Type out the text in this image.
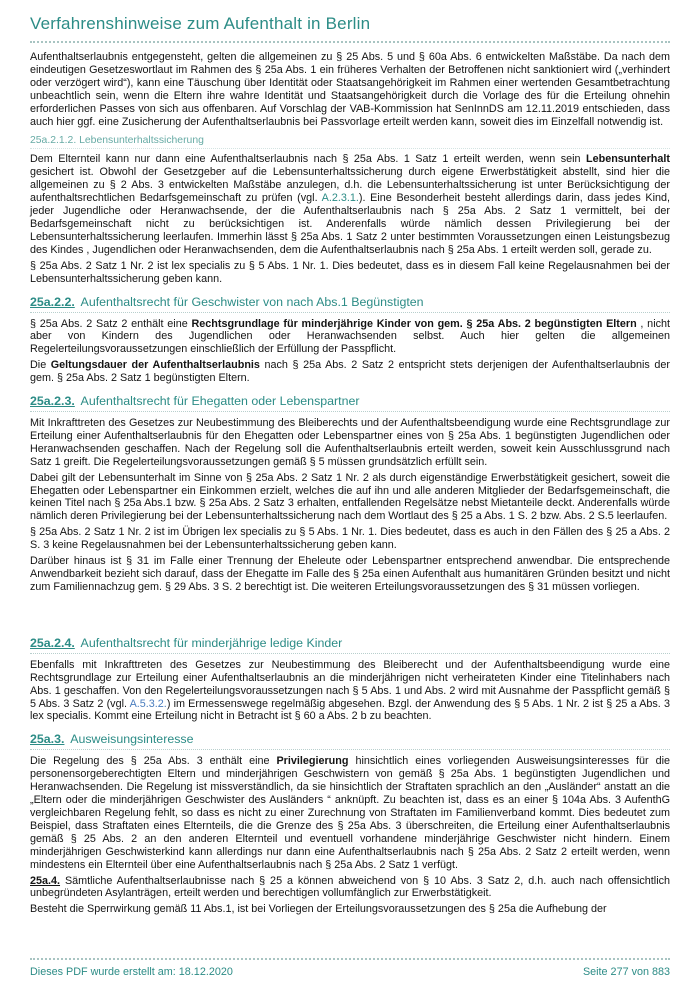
Verfahrenshinweise zum Aufenthalt in Berlin

Aufenthaltserlaubnis entgegensteht, gelten die allgemeinen zu § 25 Abs. 5 und § 60a Abs. 6 entwickelten Maßstäbe. Da nach dem eindeutigen Gesetzeswortlaut im Rahmen des § 25a Abs. 1 ein früheres Verhalten der Betroffenen nicht sanktioniert wird („verhindert oder verzögert wird“), kann eine Täuschung über Identität oder Staatsangehörigkeit im Rahmen einer wertenden Gesamtbetrachtung unbeachtlich sein, wenn die Eltern ihre wahre Identität und Staatsangehörigkeit durch die Vorlage des für die Erteilung ohnehin erforderlichen Passes von sich aus offenbaren. Auf Vorschlag der VAB-Kommission hat SenInnDS am 12.11.2019 entschieden, dass auch hier ggf. eine Zusicherung der Aufenthaltserlaubnis bei Passvorlage erteilt werden kann, soweit dies im Einzelfall notwendig ist.

25a.2.1.2. Lebensunterhaltssicherung

Dem Elternteil kann nur dann eine Aufenthaltserlaubnis nach § 25a Abs. 1 Satz 1 erteilt werden, wenn sein Lebensunterhalt gesichert ist. Obwohl der Gesetzgeber auf die Lebensunterhaltssicherung durch eigene Erwerbstätigkeit abstellt, sind hier die allgemeinen zu § 2 Abs. 3 entwickelten Maßstäbe anzulegen, d.h. die Lebensunterhaltssicherung ist unter Berücksichtigung der aufenthaltsrechtlichen Bedarfsgemeinschaft zu prüfen (vgl. A.2.3.1.). Eine Besonderheit besteht allerdings darin, dass jedes Kind, jeder Jugendliche oder Heranwachsende, der die Aufenthaltserlaubnis nach § 25a Abs. 2 Satz 1 vermittelt, bei der Bedarfsgemeinschaft nicht zu berücksichtigen ist. Anderenfalls würde nämlich dessen Privilegierung bei der Lebensunterhaltssicherung leerlaufen. Immerhin lässt § 25a Abs. 1 Satz 2 unter bestimmten Voraussetzungen einen Leistungsbezug des Kindes , Jugendlichen oder Heranwachsenden, dem die Aufenthaltserlaubnis nach § 25a Abs. 1 erteilt werden soll, gerade zu.

§ 25a Abs. 2 Satz 1 Nr. 2 ist lex specialis zu § 5 Abs. 1 Nr. 1. Dies bedeutet, dass es in diesem Fall keine Regelausnahmen bei der Lebensunterhaltssicherung geben kann.

25a.2.2. Aufenthaltsrecht für Geschwister von nach Abs.1 Begünstigten

§ 25a Abs. 2 Satz 2 enthält eine Rechtsgrundlage für minderjährige Kinder von gem. § 25a Abs. 2 begünstigten Eltern , nicht aber von Kindern des Jugendlichen oder Heranwachsenden selbst. Auch hier gelten die allgemeinen Regelerteilungsvoraussetzungen einschließlich der Erfüllung der Passpflicht.

Die Geltungsdauer der Aufenthaltserlaubnis nach § 25a Abs. 2 Satz 2 entspricht stets derjenigen der Aufenthaltserlaubnis der gem. § 25a Abs. 2 Satz 1 begünstigten Eltern.

25a.2.3. Aufenthaltsrecht für Ehegatten oder Lebenspartner

Mit Inkrafttreten des Gesetzes zur Neubestimmung des Bleiberechts und der Aufenthaltsbeendigung wurde eine Rechtsgrundlage zur Erteilung einer Aufenthaltserlaubnis für den Ehegatten oder Lebenspartner eines von § 25a Abs. 1 begünstigten Jugendlichen oder Heranwachsenden geschaffen. Nach der Regelung soll die Aufenthaltserlaubnis erteilt werden, soweit kein Ausschlussgrund nach Satz 1 greift. Die Regelerteilungsvoraussetzungen gemäß § 5 müssen grundsätzlich erfüllt sein.

Dabei gilt der Lebensunterhalt im Sinne von § 25a Abs. 2 Satz 1 Nr. 2 als durch eigenständige Erwerbstätigkeit gesichert, soweit die Ehegatten oder Lebenspartner ein Einkommen erzielt, welches die auf ihn und alle anderen Mitglieder der Bedarfsgemeinschaft, die keinen Titel nach § 25a Abs.1 bzw. § 25a Abs. 2 Satz 3 erhalten, entfallenden Regelsätze nebst Mietanteile deckt. Anderenfalls würde nämlich deren Privilegierung bei der Lebensunterhaltssicherung nach dem Wortlaut des § 25 a Abs. 1 S. 2 bzw. Abs. 2 S.5 leerlaufen.

§ 25a Abs. 2 Satz 1 Nr. 2 ist im Übrigen lex specialis zu § 5 Abs. 1 Nr. 1. Dies bedeutet, dass es auch in den Fällen des § 25 a Abs. 2 S. 3 keine Regelausnahmen bei der Lebensunterhaltssicherung geben kann.

Darüber hinaus ist § 31 im Falle einer Trennung der Eheleute oder Lebenspartner entsprechend anwendbar. Die entsprechende Anwendbarkeit bezieht sich darauf, dass der Ehegatte im Falle des § 25a einen Aufenthalt aus humanitären Gründen besitzt und nicht zum Familiennachzug gem. § 29 Abs. 3 S. 2 berechtigt ist. Die weiteren Erteilungsvoraussetzungen des § 31 müssen vorliegen.

25a.2.4. Aufenthaltsrecht für minderjährige ledige Kinder

Ebenfalls mit Inkrafttreten des Gesetzes zur Neubestimmung des Bleiberecht und der Aufenthaltsbeendigung wurde eine Rechtsgrundlage zur Erteilung einer Aufenthaltserlaubnis an die minderjährigen nicht verheirateten Kinder eine Titelinhabers nach Abs. 1 geschaffen. Von den Regelerteilungsvoraussetzungen nach § 5 Abs. 1 und Abs. 2 wird mit Ausnahme der Passpflicht gemäß § 5 Abs. 3 Satz 2 (vgl. A.5.3.2.) im Ermessenswege regelmäßig abgesehen. Bzgl. der Anwendung des § 5 Abs. 1 Nr. 2 ist § 25 a Abs. 3 lex specialis. Kommt eine Erteilung nicht in Betracht ist § 60 a Abs. 2 b zu beachten.

25a.3. Ausweisungsinteresse

Die Regelung des § 25a Abs. 3 enthält eine Privilegierung hinsichtlich eines vorliegenden Ausweisungsinteresses für die personensorgeberechtigten Eltern und minderjährigen Geschwistern von gemäß § 25a Abs. 1 begünstigten Jugendlichen und Heranwachsenden. Die Regelung ist missverständlich, da sie hinsichtlich der Straftaten sprachlich an den „Ausländer“ anstatt an die „Eltern oder die minderjährigen Geschwister des Ausländers “ anknüpft. Zu beachten ist, dass es an einer § 104a Abs. 3 AufenthG vergleichbaren Regelung fehlt, so dass es nicht zu einer Zurechnung von Straftaten im Familienverband kommt. Dies bedeutet zum Beispiel, dass Straftaten eines Elternteils, die die Grenze des § 25a Abs. 3 überschreiten, die Erteilung einer Aufenthaltserlaubnis gemäß § 25 Abs. 2 an den anderen Elternteil und eventuell vorhandene minderjährige Geschwister nicht hindern. Einem minderjährigen Geschwisterkind kann allerdings nur dann eine Aufenthaltserlaubnis nach § 25a Abs. 2 Satz 2 erteilt werden, wenn mindestens ein Elternteil über eine Aufenthaltserlaubnis nach § 25a Abs. 2 Satz 1 verfügt.

25a.4. Sämtliche Aufenthaltserlaubnisse nach § 25 a können abweichend von § 10 Abs. 3 Satz 2, d.h. auch nach offensichtlich unbegründeten Asylanträgen, erteilt werden und berechtigen vollumfänglich zur Erwerbstätigkeit.

Besteht die Sperrwirkung gemäß 11 Abs.1, ist bei Vorliegen der Erteilungsvoraussetzungen des § 25a die Aufhebung der

Dieses PDF wurde erstellt am: 18.12.2020	Seite 277 von 883
